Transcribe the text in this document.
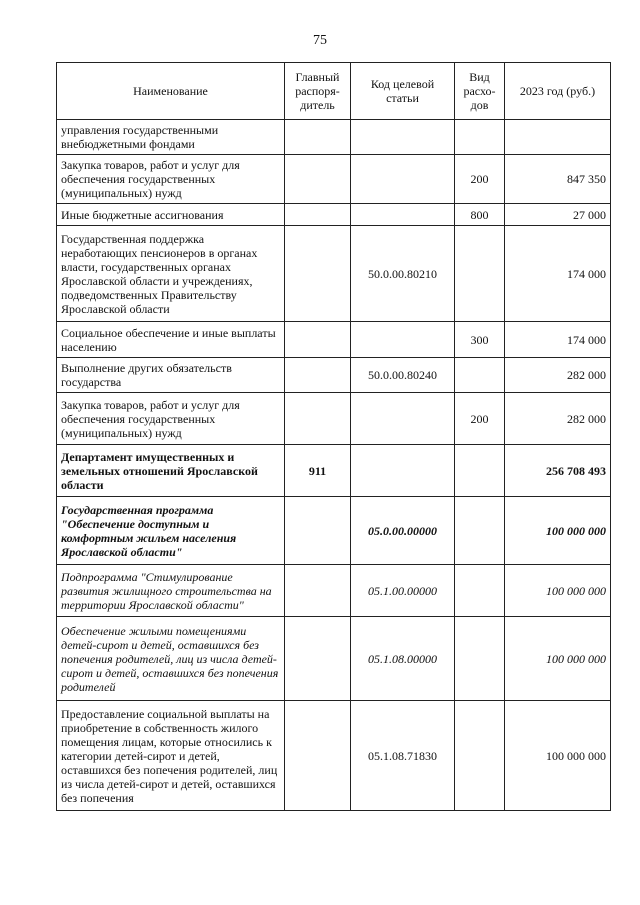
75
Наименование	Главный распоря-дитель	Код целевой статьи	Вид расхо-дов	2023 год (руб.)
управления государственными внебюджетными фондами				
Закупка товаров, работ и услуг для обеспечения государственных (муниципальных) нужд			200	847 350
Иные бюджетные ассигнования			800	27 000
Государственная поддержка неработающих пенсионеров в органах власти, государственных органах Ярославской области и учреждениях, подведомственных Правительству Ярославской области		50.0.00.80210		174 000
Социальное обеспечение и иные выплаты населению			300	174 000
Выполнение других обязательств государства		50.0.00.80240		282 000
Закупка товаров, работ и услуг для обеспечения государственных (муниципальных) нужд			200	282 000
Департамент имущественных и земельных отношений Ярославской области	911			256 708 493
Государственная программа "Обеспечение доступным и комфортным жильем населения Ярославской области"		05.0.00.00000		100 000 000
Подпрограмма "Стимулирование развития жилищного строительства на территории Ярославской области"		05.1.00.00000		100 000 000
Обеспечение жилыми помещениями детей-сирот и детей, оставшихся без попечения родителей, лиц из числа детей-сирот и детей, оставшихся без попечения родителей		05.1.08.00000		100 000 000
Предоставление социальной выплаты на приобретение в собственность жилого помещения лицам, которые относились к категории детей-сирот и детей, оставшихся без попечения родителей, лиц из числа детей-сирот и детей, оставшихся без попечения		05.1.08.71830		100 000 000
